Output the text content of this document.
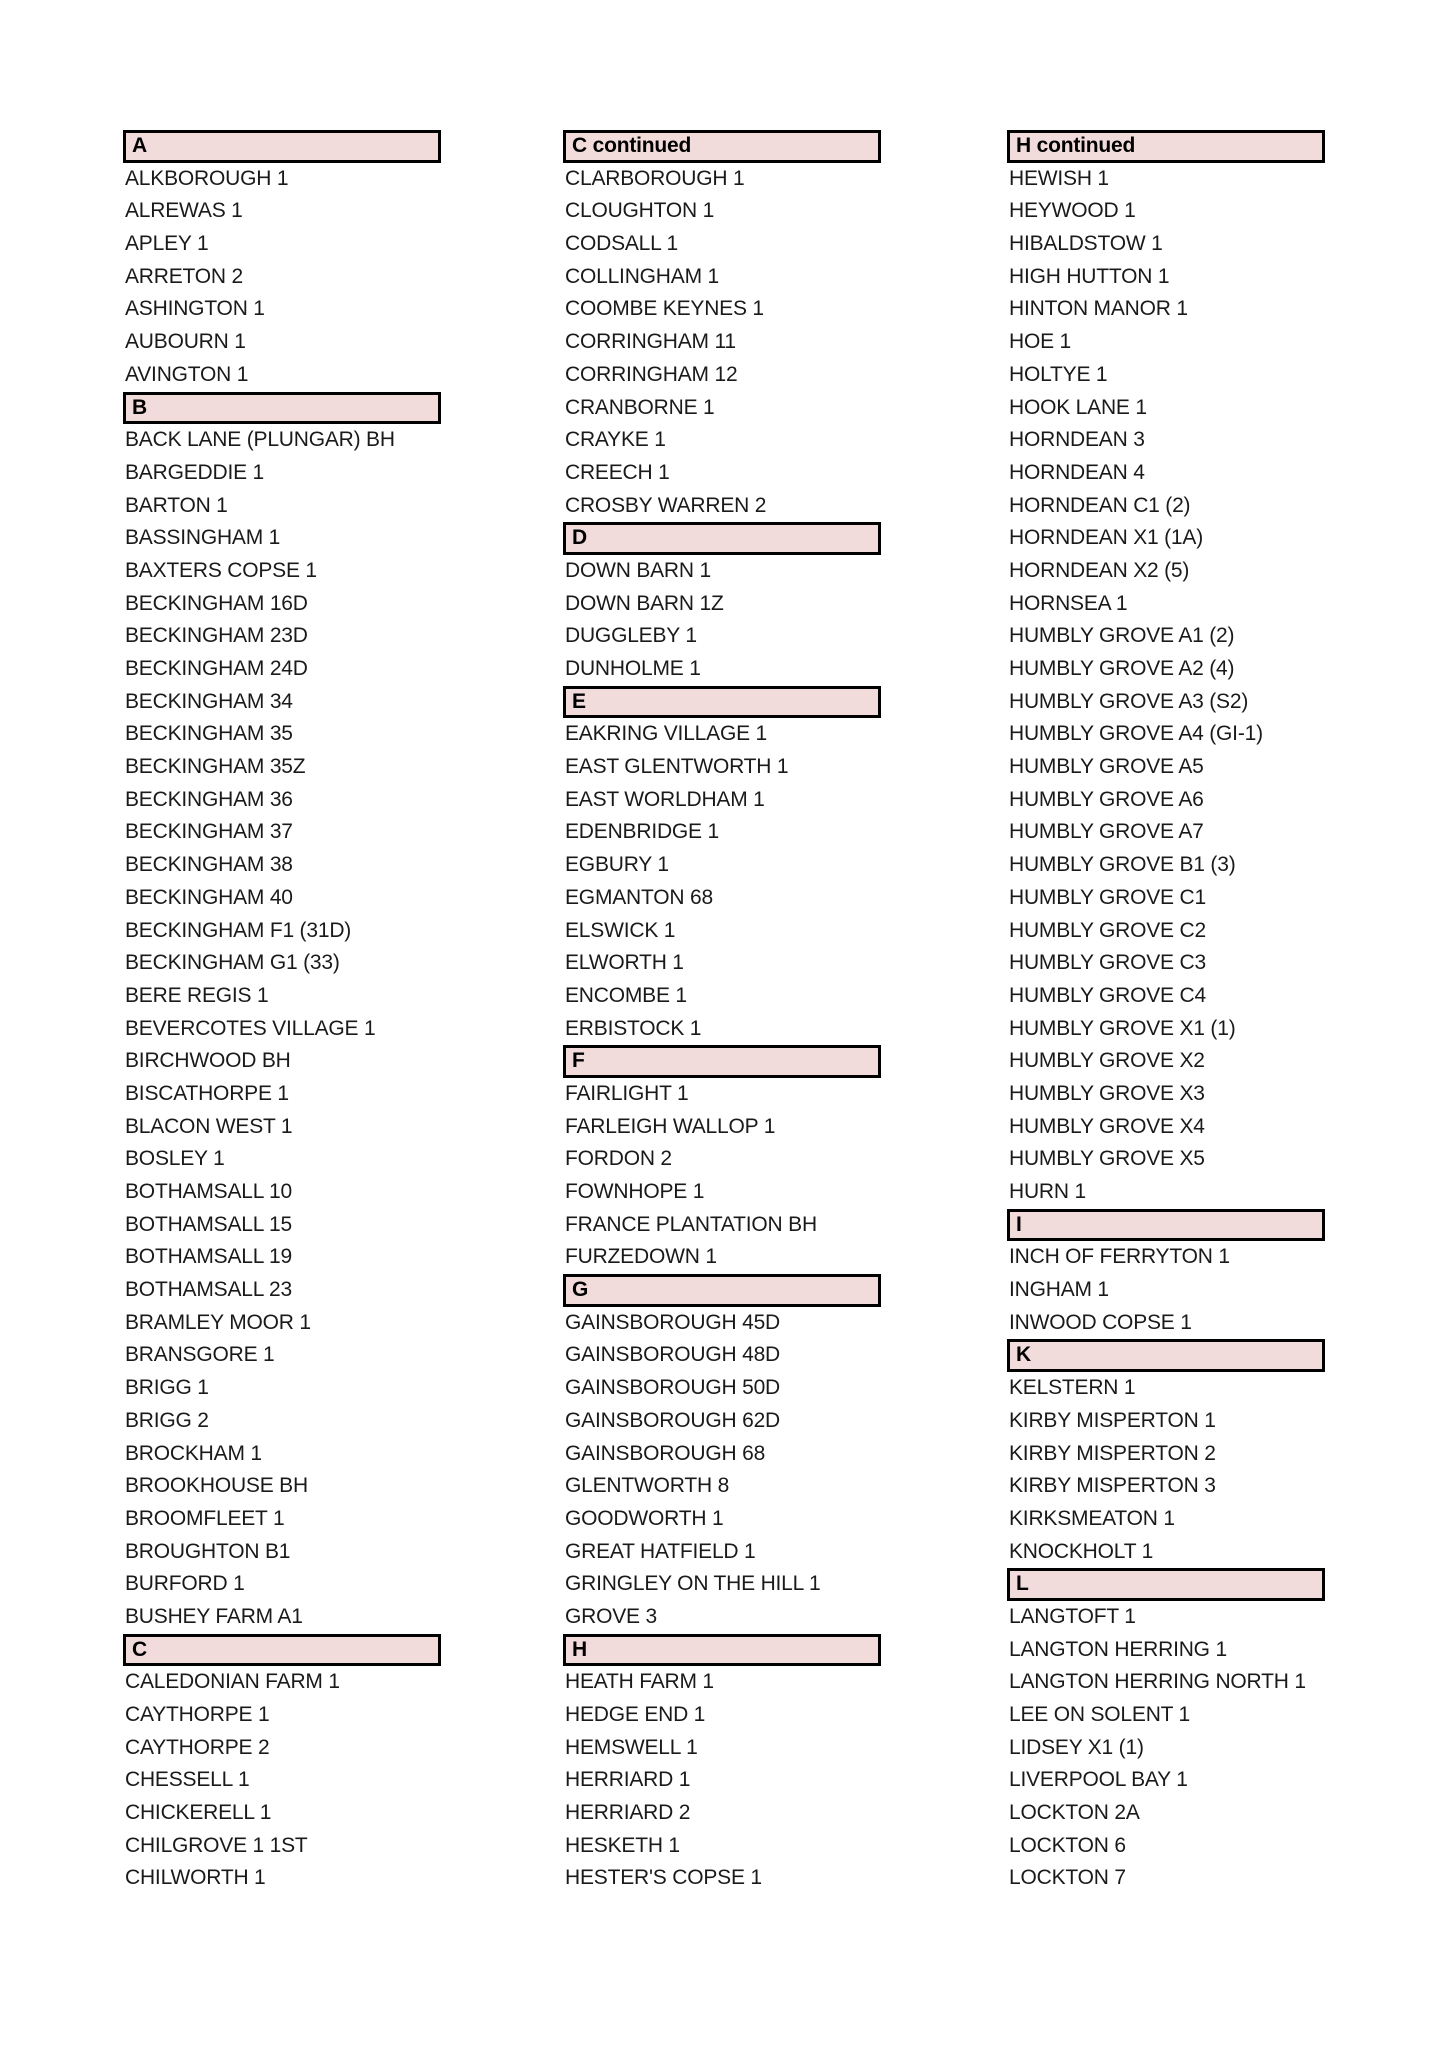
A
ALKBOROUGH 1
ALREWAS 1
APLEY 1
ARRETON 2
ASHINGTON 1
AUBOURN 1
AVINGTON 1
B
BACK LANE (PLUNGAR) BH
BARGEDDIE 1
BARTON 1
BASSINGHAM 1
BAXTERS COPSE 1
BECKINGHAM 16D
BECKINGHAM 23D
BECKINGHAM 24D
BECKINGHAM 34
BECKINGHAM 35
BECKINGHAM 35Z
BECKINGHAM 36
BECKINGHAM 37
BECKINGHAM 38
BECKINGHAM 40
BECKINGHAM F1 (31D)
BECKINGHAM G1 (33)
BERE REGIS 1
BEVERCOTES VILLAGE 1
BIRCHWOOD BH
BISCATHORPE 1
BLACON WEST 1
BOSLEY 1
BOTHAMSALL 10
BOTHAMSALL 15
BOTHAMSALL 19
BOTHAMSALL 23
BRAMLEY MOOR 1
BRANSGORE 1
BRIGG 1
BRIGG 2
BROCKHAM 1
BROOKHOUSE BH
BROOMFLEET 1
BROUGHTON B1
BURFORD 1
BUSHEY FARM A1
C
CALEDONIAN FARM 1
CAYTHORPE 1
CAYTHORPE 2
CHESSELL 1
CHICKERELL 1
CHILGROVE 1 1ST
CHILWORTH 1
C continued
CLARBOROUGH 1
CLOUGHTON 1
CODSALL 1
COLLINGHAM 1
COOMBE KEYNES 1
CORRINGHAM 11
CORRINGHAM 12
CRANBORNE 1
CRAYKE 1
CREECH 1
CROSBY WARREN 2
D
DOWN BARN 1
DOWN BARN 1Z
DUGGLEBY 1
DUNHOLME 1
E
EAKRING VILLAGE 1
EAST GLENTWORTH 1
EAST WORLDHAM 1
EDENBRIDGE 1
EGBURY 1
EGMANTON 68
ELSWICK 1
ELWORTH 1
ENCOMBE 1
ERBISTOCK 1
F
FAIRLIGHT 1
FARLEIGH WALLOP 1
FORDON 2
FOWNHOPE 1
FRANCE PLANTATION BH
FURZEDOWN 1
G
GAINSBOROUGH 45D
GAINSBOROUGH 48D
GAINSBOROUGH 50D
GAINSBOROUGH 62D
GAINSBOROUGH 68
GLENTWORTH 8
GOODWORTH 1
GREAT HATFIELD 1
GRINGLEY ON THE HILL 1
GROVE 3
H
HEATH FARM 1
HEDGE END 1
HEMSWELL 1
HERRIARD 1
HERRIARD 2
HESKETH 1
HESTER'S COPSE 1
H continued
HEWISH 1
HEYWOOD 1
HIBALDSTOW 1
HIGH HUTTON 1
HINTON MANOR 1
HOE 1
HOLTYE 1
HOOK LANE 1
HORNDEAN 3
HORNDEAN 4
HORNDEAN C1 (2)
HORNDEAN X1 (1A)
HORNDEAN X2 (5)
HORNSEA 1
HUMBLY GROVE A1 (2)
HUMBLY GROVE A2 (4)
HUMBLY GROVE A3 (S2)
HUMBLY GROVE A4 (GI-1)
HUMBLY GROVE A5
HUMBLY GROVE A6
HUMBLY GROVE A7
HUMBLY GROVE B1 (3)
HUMBLY GROVE C1
HUMBLY GROVE C2
HUMBLY GROVE C3
HUMBLY GROVE C4
HUMBLY GROVE X1 (1)
HUMBLY GROVE X2
HUMBLY GROVE X3
HUMBLY GROVE X4
HUMBLY GROVE X5
HURN 1
I
INCH OF FERRYTON 1
INGHAM 1
INWOOD COPSE 1
K
KELSTERN 1
KIRBY MISPERTON 1
KIRBY MISPERTON 2
KIRBY MISPERTON 3
KIRKSMEATON 1
KNOCKHOLT 1
L
LANGTOFT 1
LANGTON HERRING 1
LANGTON HERRING NORTH 1
LEE ON SOLENT 1
LIDSEY X1 (1)
LIVERPOOL BAY 1
LOCKTON 2A
LOCKTON 6
LOCKTON 7
